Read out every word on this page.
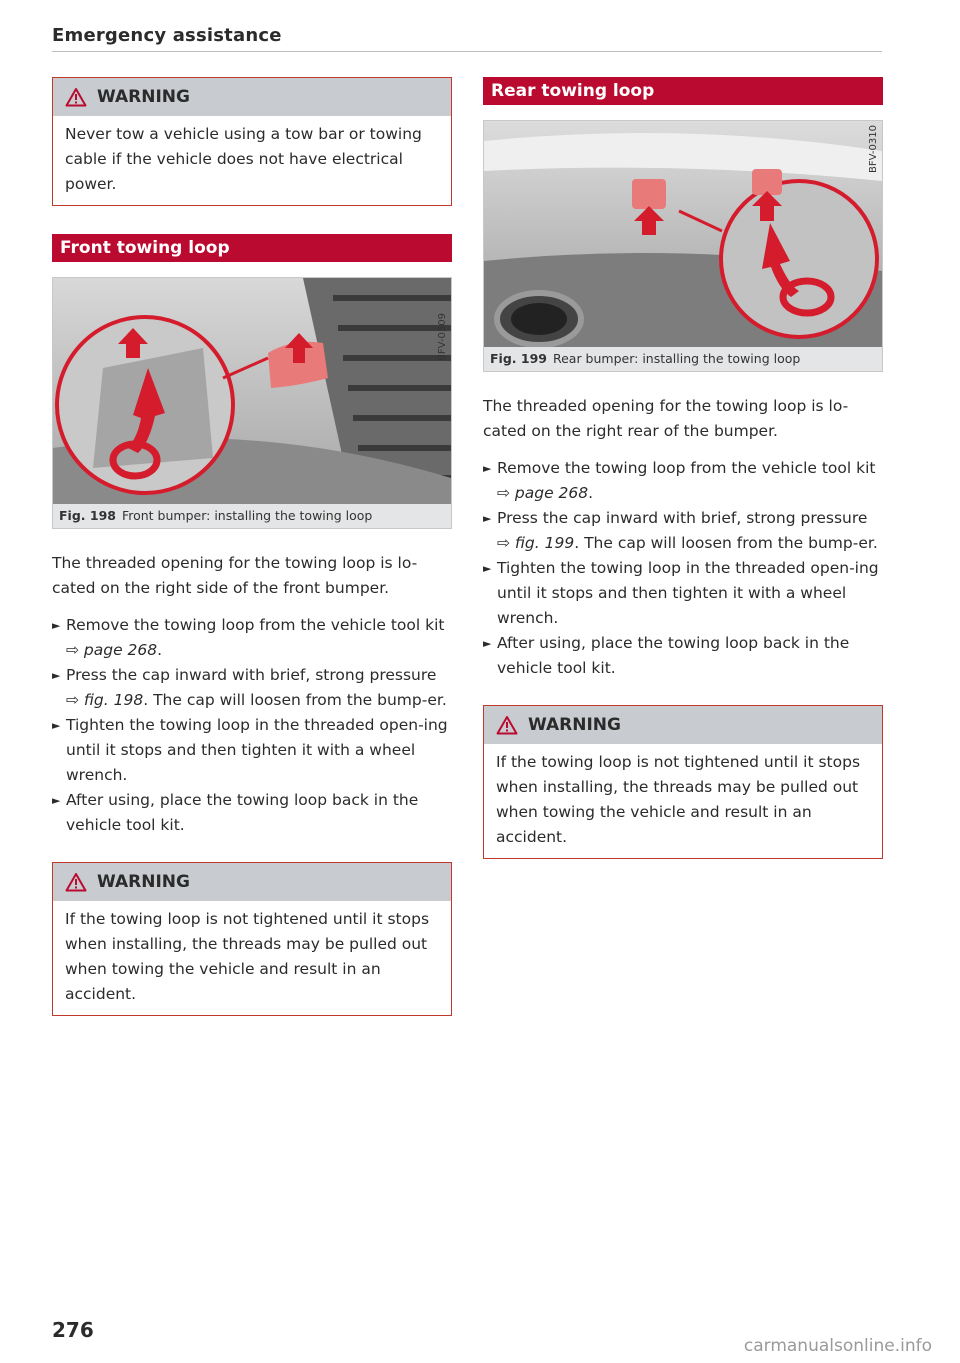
Emergency assistance
WARNING
Never tow a vehicle using a tow bar or towing cable if the vehicle does not have electrical power.
Front towing loop
BFV-0309
Fig. 198 Front bumper: installing the towing loop

The threaded opening for the towing loop is lo-cated on the right side of the front bumper.

► Remove the towing loop from the vehicle tool kit ⇨ page 268.
► Press the cap inward with brief, strong pressure ⇨ fig. 198. The cap will loosen from the bump-er.
► Tighten the towing loop in the threaded open-ing until it stops and then tighten it with a wheel wrench.
► After using, place the towing loop back in the vehicle tool kit.
WARNING
If the towing loop is not tightened until it stops when installing, the threads may be pulled out when towing the vehicle and result in an accident.
Rear towing loop
BFV-0310
Fig. 199 Rear bumper: installing the towing loop

The threaded opening for the towing loop is lo-cated on the right rear of the bumper.

► Remove the towing loop from the vehicle tool kit ⇨ page 268.
► Press the cap inward with brief, strong pressure ⇨ fig. 199. The cap will loosen from the bump-er.
► Tighten the towing loop in the threaded open-ing until it stops and then tighten it with a wheel wrench.
► After using, place the towing loop back in the vehicle tool kit.
WARNING
If the towing loop is not tightened until it stops when installing, the threads may be pulled out when towing the vehicle and result in an accident.
276
carmanualsonline.info
